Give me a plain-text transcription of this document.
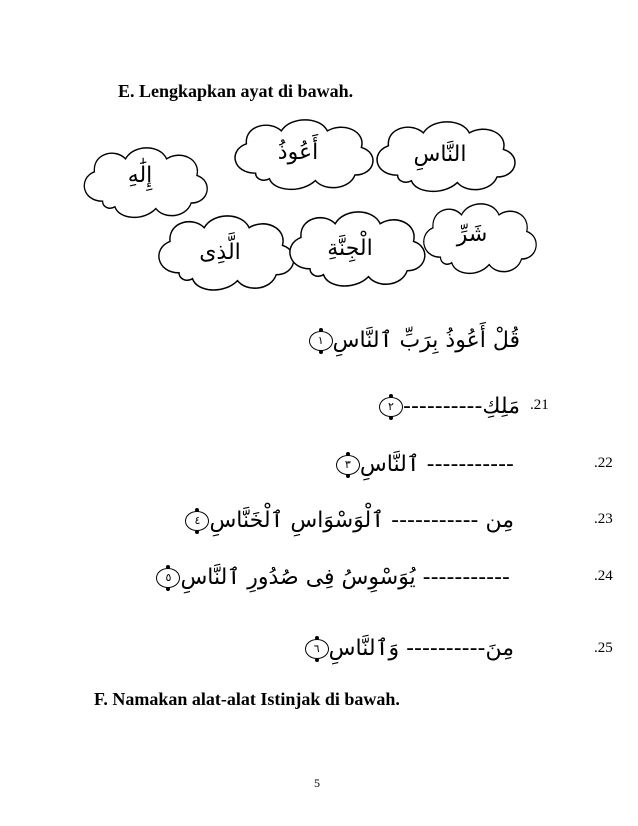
E. Lengkapkan ayat di bawah.
إِلَٰهِ
أَعُوذُ	النَّاسِ
الَّذِى	الْجِنَّةِ
شَرِّ
قُلْ أَعُوذُ بِرَبِّ ٱلنَّاسِ١
.21
مَلِكِ----------٢
.22
----------- ٱلنَّاسِ٣
.23
مِن ----------- ٱلْوَسْوَاسِ ٱلْخَنَّاسِ٤
.24
----------- يُوَسْوِسُ فِى صُدُورِ ٱلنَّاسِ٥
.25
مِنَ---------- وَٱلنَّاسِ٦
F. Namakan alat-alat Istinjak di bawah.
5
